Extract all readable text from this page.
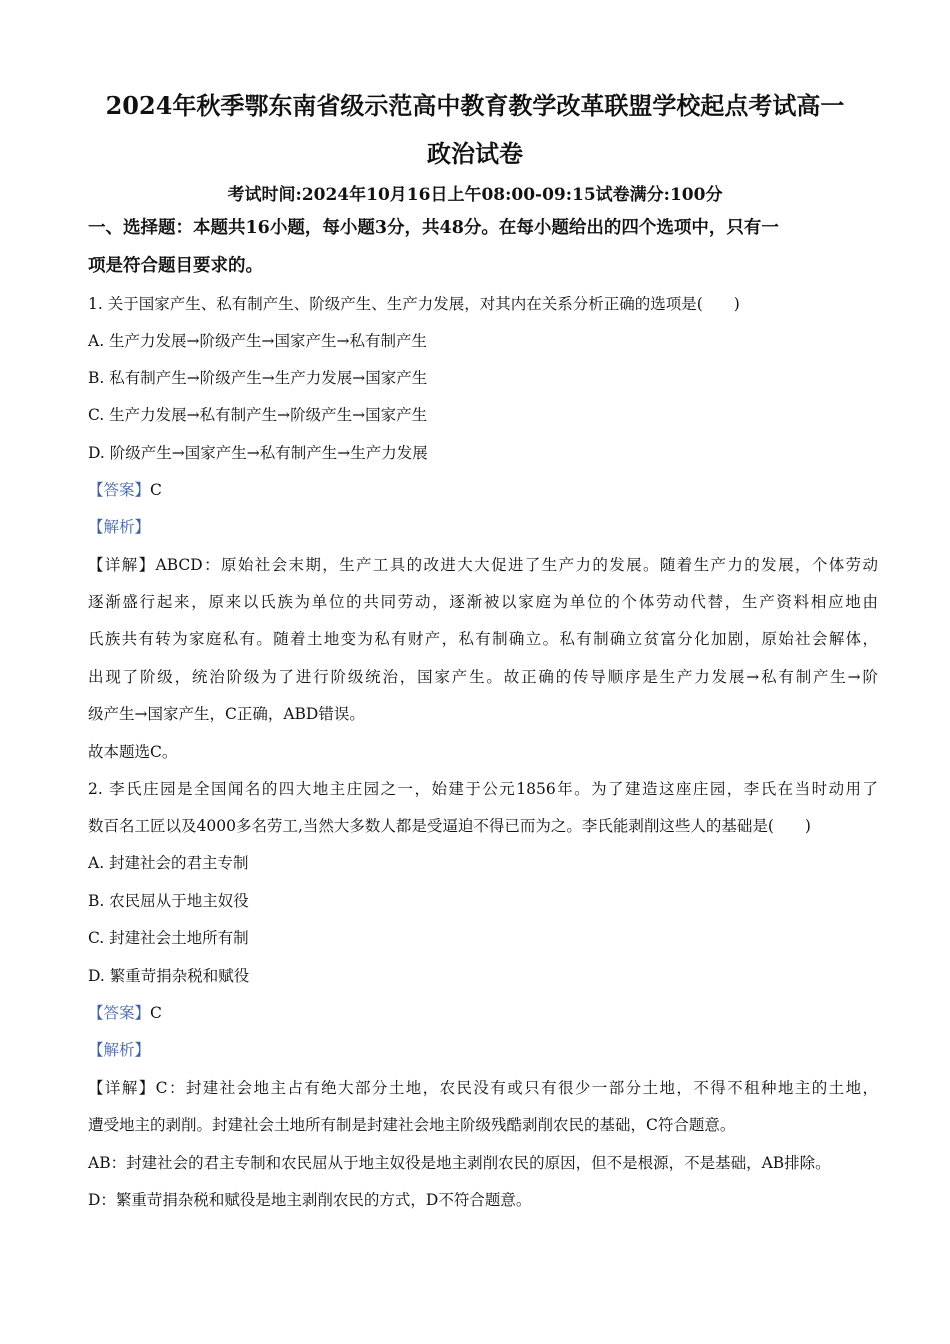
2024年秋季鄂东南省级示范高中教育教学改革联盟学校起点考试高一
政治试卷
考试时间:2024年10月16日上午08:00-09:15试卷满分:100分
一、选择题：本题共16小题，每小题3分，共48分。在每小题给出的四个选项中，只有一
项是符合题目要求的。
1. 关于国家产生、私有制产生、阶级产生、生产力发展，对其内在关系分析正确的选项是(　　)
A. 生产力发展→阶级产生→国家产生→私有制产生
B. 私有制产生→阶级产生→生产力发展→国家产生
C. 生产力发展→私有制产生→阶级产生→国家产生
D. 阶级产生→国家产生→私有制产生→生产力发展
【答案】C
【解析】
【详解】ABCD：原始社会末期，生产工具的改进大大促进了生产力的发展。随着生产力的发展，个体劳动
逐渐盛行起来，原来以氏族为单位的共同劳动，逐渐被以家庭为单位的个体劳动代替，生产资料相应地由
氏族共有转为家庭私有。随着土地变为私有财产，私有制确立。私有制确立贫富分化加剧，原始社会解体，
出现了阶级，统治阶级为了进行阶级统治，国家产生。故正确的传导顺序是生产力发展→私有制产生→阶
级产生→国家产生，C正确，ABD错误。
故本题选C。
2. 李氏庄园是全国闻名的四大地主庄园之一，始建于公元1856年。为了建造这座庄园，李氏在当时动用了
数百名工匠以及4000多名劳工,当然大多数人都是受逼迫不得已而为之。李氏能剥削这些人的基础是(　　)
A. 封建社会的君主专制
B. 农民屈从于地主奴役
C. 封建社会土地所有制
D. 繁重苛捐杂税和赋役
【答案】C
【解析】
【详解】C：封建社会地主占有绝大部分土地，农民没有或只有很少一部分土地，不得不租种地主的土地，
遭受地主的剥削。封建社会土地所有制是封建社会地主阶级残酷剥削农民的基础，C符合题意。
AB：封建社会的君主专制和农民屈从于地主奴役是地主剥削农民的原因，但不是根源，不是基础，AB排除。
D：繁重苛捐杂税和赋役是地主剥削农民的方式，D不符合题意。
